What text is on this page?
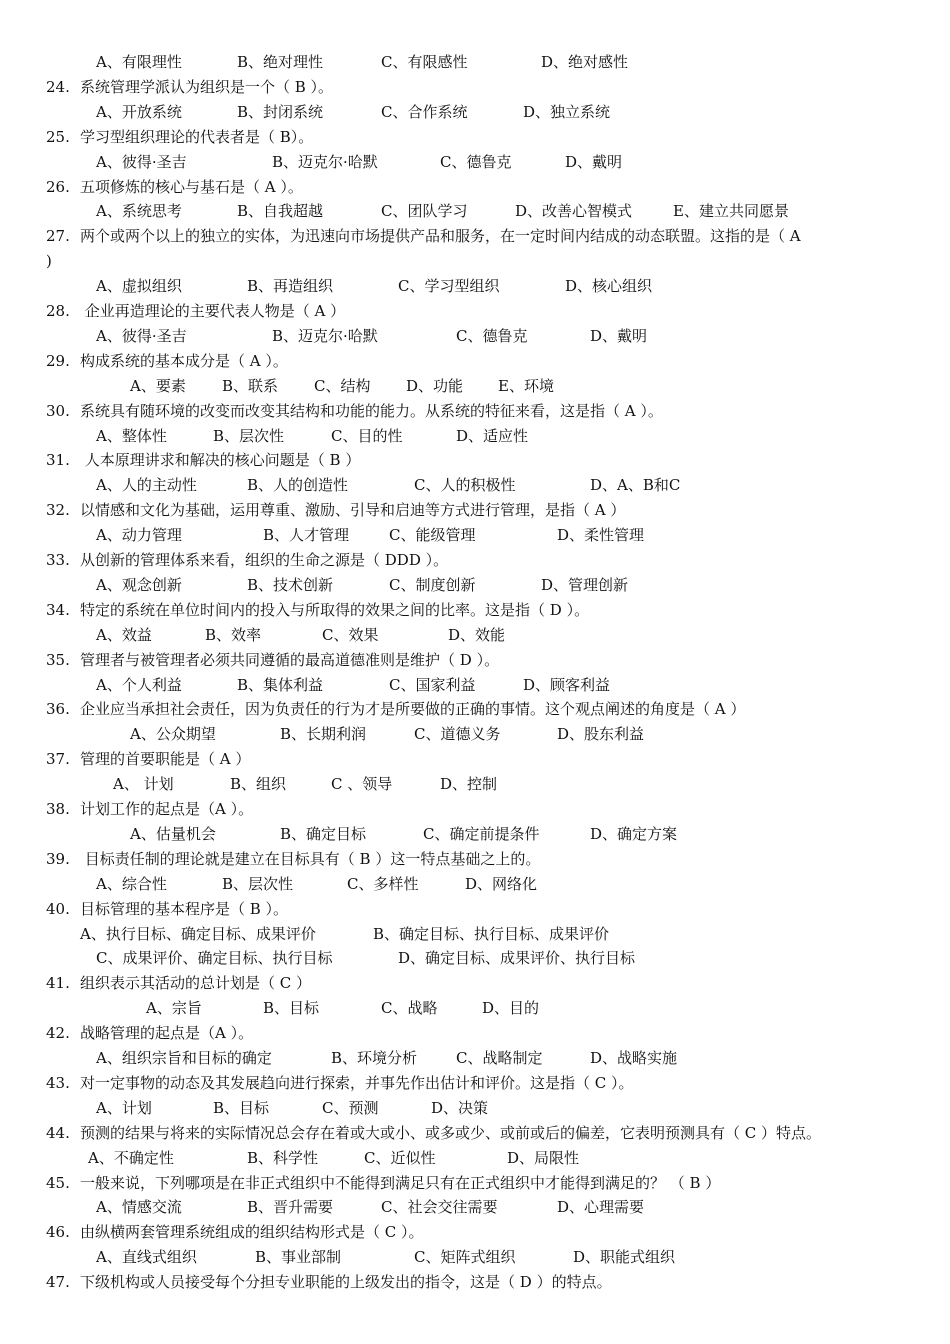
A、有限理性	B、绝对理性	C、有限感性	D、绝对感性
24. 系统管理学派认为组织是一个（ B ）。
A、开放系统	B、封闭系统	C、合作系统	D、独立系统
25. 学习型组织理论的代表者是（ B）。
A、彼得·圣吉	B、迈克尔·哈默	C、德鲁克	D、戴明
26. 五项修炼的核心与基石是（ A ）。
A、系统思考	B、自我超越	C、团队学习	D、改善心智模式	E、建立共同愿景
27. 两个或两个以上的独立的实体，为迅速向市场提供产品和服务，在一定时间内结成的动态联盟。这指的是（ A
)
A、虚拟组织	B、再造组织	C、学习型组织	D、核心组织
28. 企业再造理论的主要代表人物是（ A ）
A、彼得·圣吉	B、迈克尔·哈默	C、德鲁克	D、戴明
29. 构成系统的基本成分是（ A ）。
A、要素 B、联系 C、结构 D、功能 E、环境
30. 系统具有随环境的改变而改变其结构和功能的能力。从系统的特征来看，这是指（ A ）。
A、整体性	B、层次性	C、目的性	D、适应性
31. 人本原理讲求和解决的核心问题是（ B ）
A、人的主动性	B、人的创造性	C、人的积极性	D、A、B和C
32. 以情感和文化为基础，运用尊重、激励、引导和启迪等方式进行管理，是指（ A ）
A、动力管理	B、人才管理	C、能级管理	D、柔性管理
33. 从创新的管理体系来看，组织的生命之源是（ DDD ）。
A、观念创新	B、技术创新	C、制度创新	D、管理创新
34. 特定的系统在单位时间内的投入与所取得的效果之间的比率。这是指（ D ）。
A、效益	B、效率	C、效果	D、效能
35. 管理者与被管理者必须共同遵循的最高道德准则是维护（ D ）。
A、个人利益	B、集体利益	C、国家利益	D、顾客利益
36. 企业应当承担社会责任，因为负责任的行为才是所要做的正确的事情。这个观点阐述的角度是（ A ）
A、公众期望	B、长期利润	C、道德义务	D、股东利益
37. 管理的首要职能是（ A ）
A、 计划	B、组织	C 、领导	D、控制
38. 计划工作的起点是（A ）。
A、估量机会	B、确定目标	C、确定前提条件	D、确定方案
39. 目标责任制的理论就是建立在目标具有（ B ）这一特点基础之上的。
A、综合性	B、层次性	C、多样性	D、网络化
40. 目标管理的基本程序是（ B ）。
A、执行目标、确定目标、成果评价	B、确定目标、执行目标、成果评价
C、成果评价、确定目标、执行目标	D、确定目标、成果评价、执行目标
41. 组织表示其活动的总计划是（ C ）
A、宗旨	B、目标	C、战略	D、目的
42. 战略管理的起点是（A ）。
A、组织宗旨和目标的确定	B、环境分析	C、战略制定	D、战略实施
43. 对一定事物的动态及其发展趋向进行探索，并事先作出估计和评价。这是指（ C ）。
A、计划	B、目标	C、预测	D、决策
44. 预测的结果与将来的实际情况总会存在着或大或小、或多或少、或前或后的偏差，它表明预测具有（ C ）特点。
A、不确定性	B、科学性	C、近似性	D、局限性
45. 一般来说，下列哪项是在非正式组织中不能得到满足只有在正式组织中才能得到满足的？ （ B ）
A、情感交流	B、晋升需要	C、社会交往需要	D、心理需要
46. 由纵横两套管理系统组成的组织结构形式是（ C ）。
A、直线式组织	B、事业部制	C、矩阵式组织	D、职能式组织
47. 下级机构或人员接受每个分担专业职能的上级发出的指令，这是（ D ）的特点。
